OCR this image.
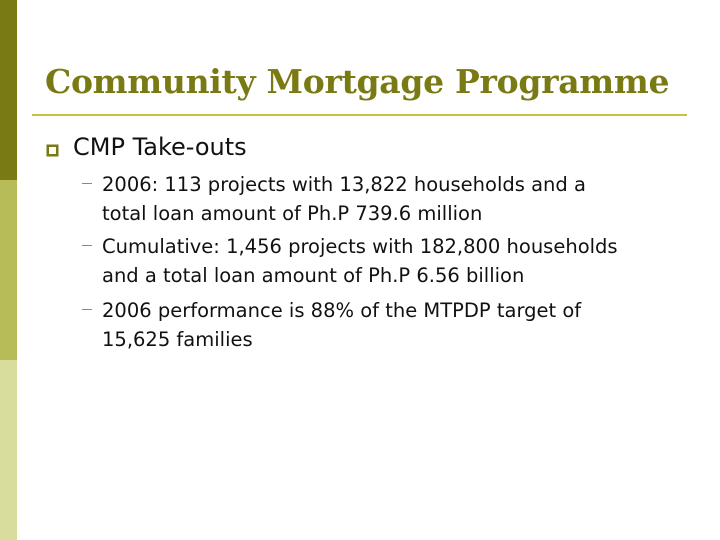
Community Mortgage Programme
CMP Take-outs
2006: 113 projects with 13,822 households and a
total loan amount of Ph.P 739.6 million
Cumulative: 1,456 projects with 182,800 households
and a total loan amount of Ph.P 6.56 billion
2006 performance is 88% of the MTPDP target of
15,625 families
